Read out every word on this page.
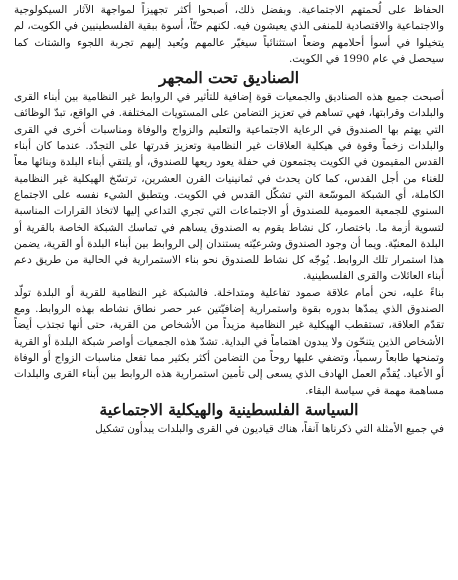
الحفاظ على لُحمتهم الاجتماعية. وبفضل ذلك، أصبحوا أكثر تجهيزاً لمواجهة الآثار السيكولوجية والاجتماعية والاقتصادية للمنفى الذي يعيشون فيه. لكنهم حتّاً، أسوة ببقية الفلسطينيين في الكويت، لم يتخيلوا في أسوأ أحلامهم وضعاً استثنائياً سيغيّر عالمهم ويُعيد إليهم تجربة اللجوء والشتات كما سيحصل في عام 1990 في الكويت.

الصناديق تحت المجهر

أصبحت جميع هذه الصناديق والجمعيات قوة إضافية للتأثير في الروابط غير النظامية بين أبناء القرى والبلدات وقرابتها، فهي تساهم في تعزيز التضامن على المستويات المختلفة. في الواقع، تبدّ الوظائف التي يهتم بها الصندوق في الرعاية الاجتماعية والتعليم والزواج والوفاة ومناسبات أخرى في القرى والبلدات زخماً وقوة في هيكلية العلاقات غير النظامية وتعزيز قدرتها على التجدّد. عندما كان أبناء القدس المقيمون في الكويت يجتمعون في حفلة يعود ريعها للصندوق، أو يلتقي أبناء البلدة وبنائها معاً للغناء من أجل القدس، كما كان يحدث في ثمانينيات القرن العشرين، ترتسّخ الهيكلية غير النظامية الكاملة، أي الشبكة الموسّعة التي تشكّل القدس في الكويت. ويتطبق الشيء نفسه على الاجتماع السنوي للجمعية العمومية للصندوق أو الاجتماعات التي تجري التداعي إليها لاتخاذ القرارات المناسبة لتسوية أزمة ما. باختصار، كل نشاط يقوم به الصندوق يساهم في تماسك الشبكة الخاصة بالقرية أو البلدة المعنيّة. ويما أن وجود الصندوق وشرعيّته يستندان إلى الروابط بين أبناء البلدة أو القرية، يضمن هذا استمرار تلك الروابط. يُوجّه كل نشاط للصندوق نحو بناء الاستمرارية في الحالية من طريق دعم أبناء العائلات والقرى الفلسطينية.

بناءً عليه، نحن أمام علاقة صمود تفاعلية ومتداخلة. فالشبكة غير النظامية للقرية أو البلدة تولّد الصندوق الذي يمدّها بدوره بقوة واستمرارية إضافيّتين عبر حصر نطاق نشاطه بهذه الروابط. ومع تقدّم العلاقة، تستقطب الهيكلية غير النظامية مزيداً من الأشخاص من القرية، حتى أنها تجتذب أيضاً الأشخاص الذين يتنحّون ولا يبدون اهتماماً في البداية. تشدّ هذه الجمعيات أواصر شبكة البلدة أو القرية وتمنحها طابعاً رسمياً، وتضفي عليها روحاً من التضامن أكثر بكثير مما تفعل مناسبات الزواج أو الوفاة أو الأعياد. يُقدِّم العمل الهادف الذي يسعى إلى تأمين استمرارية هذه الروابط بين أبناء القرى والبلدات مساهمة مهمة في سياسة البقاء.

السياسة الفلسطينية والهيكلية الاجتماعية

في جميع الأمثلة التي ذكرناها آنفاً، هناك قياديون في القرى والبلدات يبدأون تشكيل
